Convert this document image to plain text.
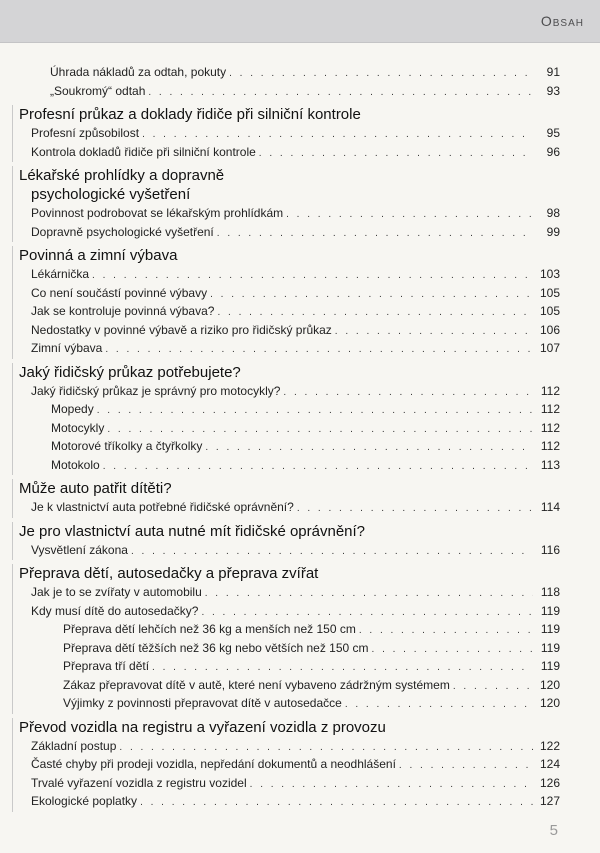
Obsah
Úhrada nákladů za odtah, pokuty . . .	91
„Soukromý“ odtah . . .	93
Profesní průkaz a doklady řidiče při silniční kontrole
Profesní způsobilost . . .	95
Kontrola dokladů řidiče při silniční kontrole . . .	96
Lékařské prohlídky a dopravně
psychologické vyšetření
Povinnost podrobovat se lékařským prohlídkám . . .	98
Dopravně psychologické vyšetření . . .	99
Povinná a zimní výbava
Lékárnička . . .	103
Co není součástí povinné výbavy . . .	105
Jak se kontroluje povinná výbava? . . .	105
Nedostatky v povinné výbavě a riziko pro řidičský průkaz . . .	106
Zimní výbava . . .	107
Jaký řidičský průkaz potřebujete?
Jaký řidičský průkaz je správný pro motocykly? . . .	112
Mopedy . . .	112
Motocykly . . .	112
Motorové tříkolky a čtyřkolky . . .	112
Motokolo . . .	113
Může auto patřit dítěti?
Je k vlastnictví auta potřebné řidičské oprávnění? . . .	114
Je pro vlastnictví auta nutné mít řidičské oprávnění?
Vysvětlení zákona . . .	116
Přeprava dětí, autosedačky a přeprava zvířat
Jak je to se zvířaty v automobilu . . .	118
Kdy musí dítě do autosedačky? . . .	119
Přeprava dětí lehčích než 36 kg a menších než 150 cm . . .	119
Přeprava dětí těžších než 36 kg nebo větších než 150 cm . . .	119
Přeprava tří dětí . . .	119
Zákaz přepravovat dítě v autě, které není vybaveno zádržným systémem . . .	120
Výjimky z povinnosti přepravovat dítě v autosedačce . . .	120
Převod vozidla na registru a vyřazení vozidla z provozu
Základní postup . . .	122
Časté chyby při prodeji vozidla, nepředání dokumentů a neodhlášení . . .	124
Trvalé vyřazení vozidla z registru vozidel . . .	126
Ekologické poplatky . . .	127
5
